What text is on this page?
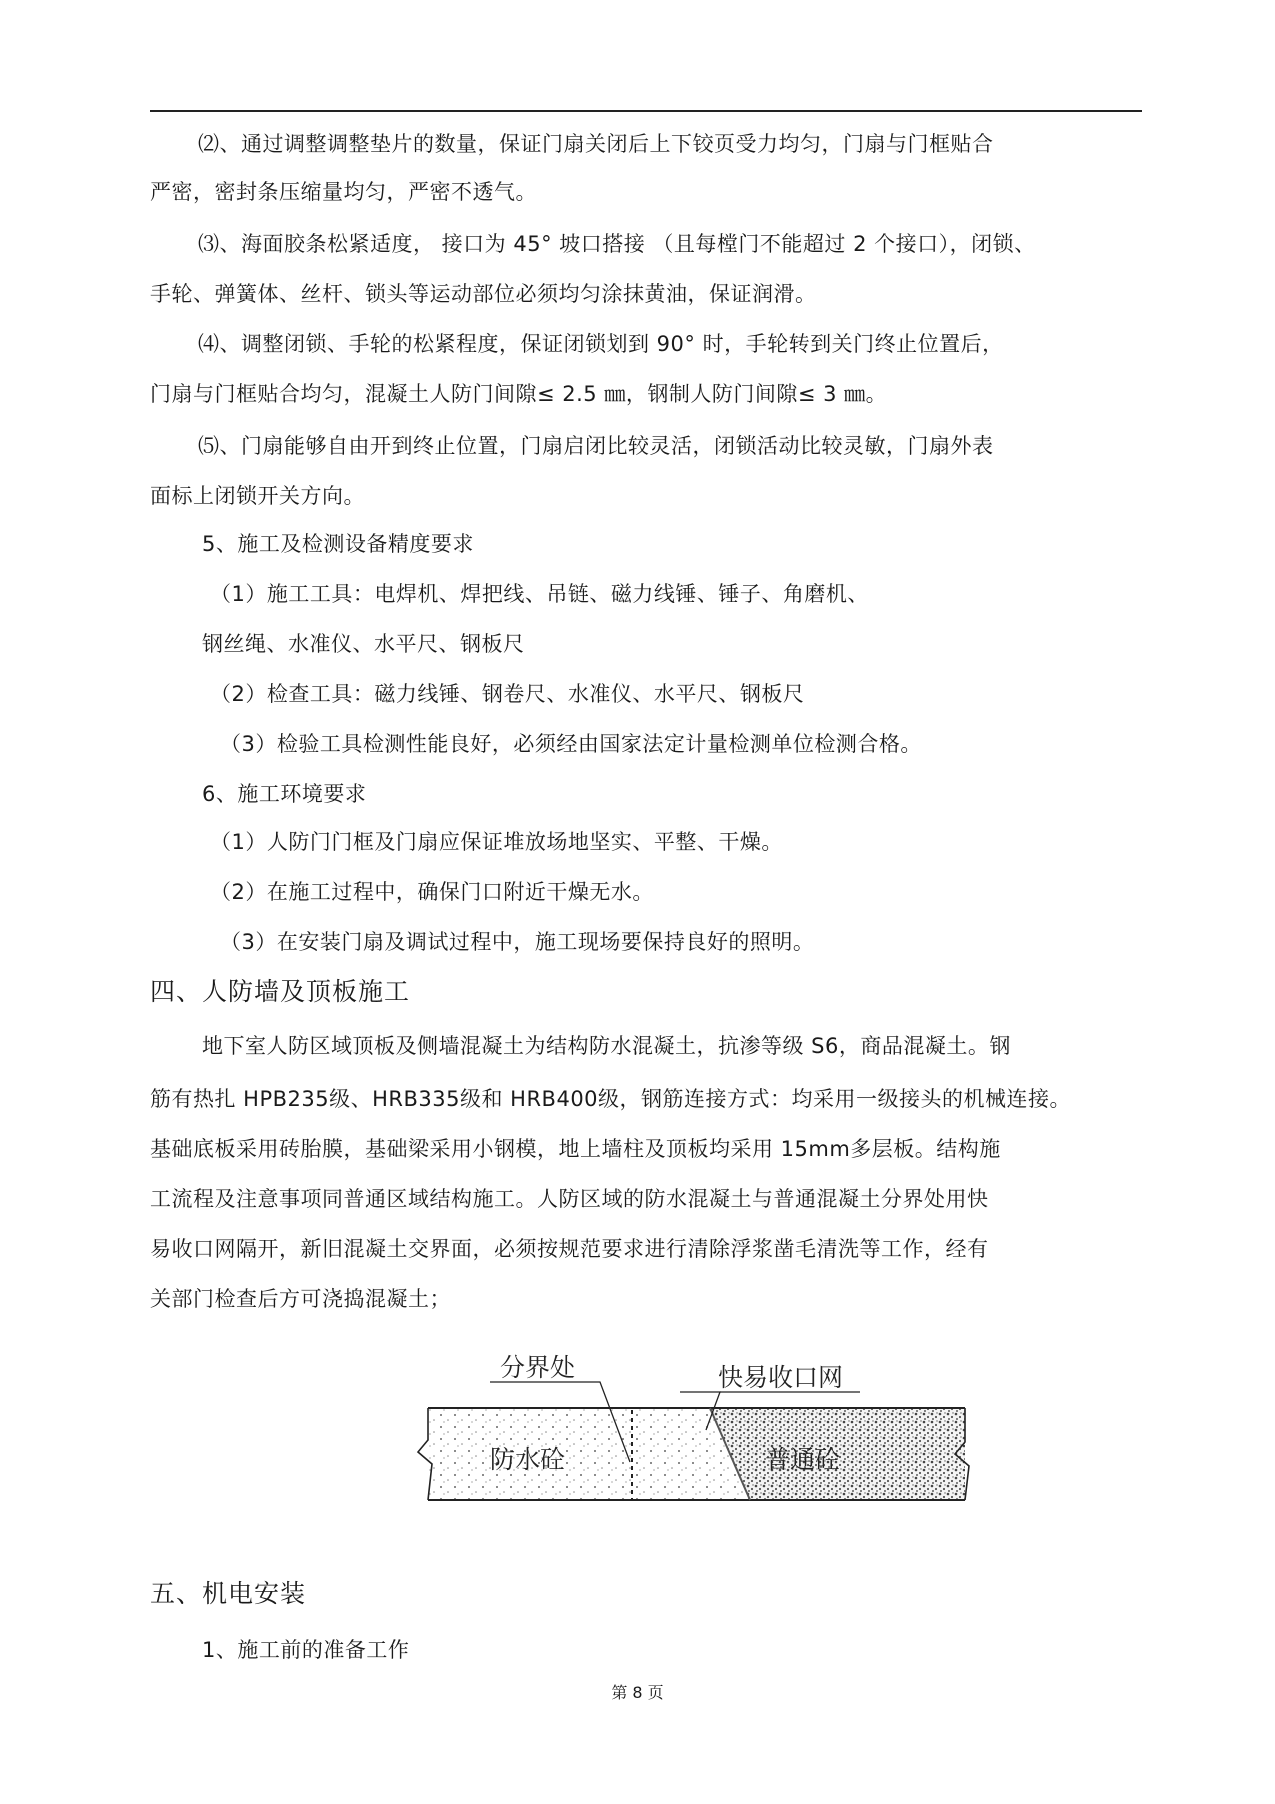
⑵、通过调整调整垫片的数量，保证门扇关闭后上下铰页受力均匀，门扇与门框贴合
严密，密封条压缩量均匀，严密不透气。
⑶、海面胶条松紧适度， 接口为 45° 坡口搭接 （且每樘门不能超过 2 个接口），闭锁、
手轮、弹簧体、丝杆、锁头等运动部位必须均匀涂抹黄油，保证润滑。
⑷、调整闭锁、手轮的松紧程度，保证闭锁划到 90° 时，手轮转到关门终止位置后，
门扇与门框贴合均匀，混凝土人防门间隙≤ 2.5 ㎜，钢制人防门间隙≤ 3 ㎜。
⑸、门扇能够自由开到终止位置，门扇启闭比较灵活，闭锁活动比较灵敏，门扇外表
面标上闭锁开关方向。
5、施工及检测设备精度要求
（1）施工工具：电焊机、焊把线、吊链、磁力线锤、锤子、角磨机、
钢丝绳、水准仪、水平尺、钢板尺
（2）检查工具：磁力线锤、钢卷尺、水准仪、水平尺、钢板尺
（3）检验工具检测性能良好，必须经由国家法定计量检测单位检测合格。
6、施工环境要求
（1）人防门门框及门扇应保证堆放场地坚实、平整、干燥。
（2）在施工过程中，确保门口附近干燥无水。
（3）在安装门扇及调试过程中，施工现场要保持良好的照明。
地下室人防区域顶板及侧墙混凝土为结构防水混凝土，抗渗等级 S6，商品混凝土。钢
筋有热扎 HPB235级、HRB335级和 HRB400级，钢筋连接方式：均采用一级接头的机械连接。
基础底板采用砖胎膜，基础梁采用小钢模，地上墙柱及顶板均采用 15mm多层板。结构施
工流程及注意事项同普通区域结构施工。人防区域的防水混凝土与普通混凝土分界处用快
易收口网隔开，新旧混凝土交界面，必须按规范要求进行清除浮浆凿毛清洗等工作，经有
关部门检查后方可浇捣混凝土；
1、施工前的准备工作
四、人防墙及顶板施工
五、机电安装
分界处	快易收口网
防水砼	普通砼
第 8 页
